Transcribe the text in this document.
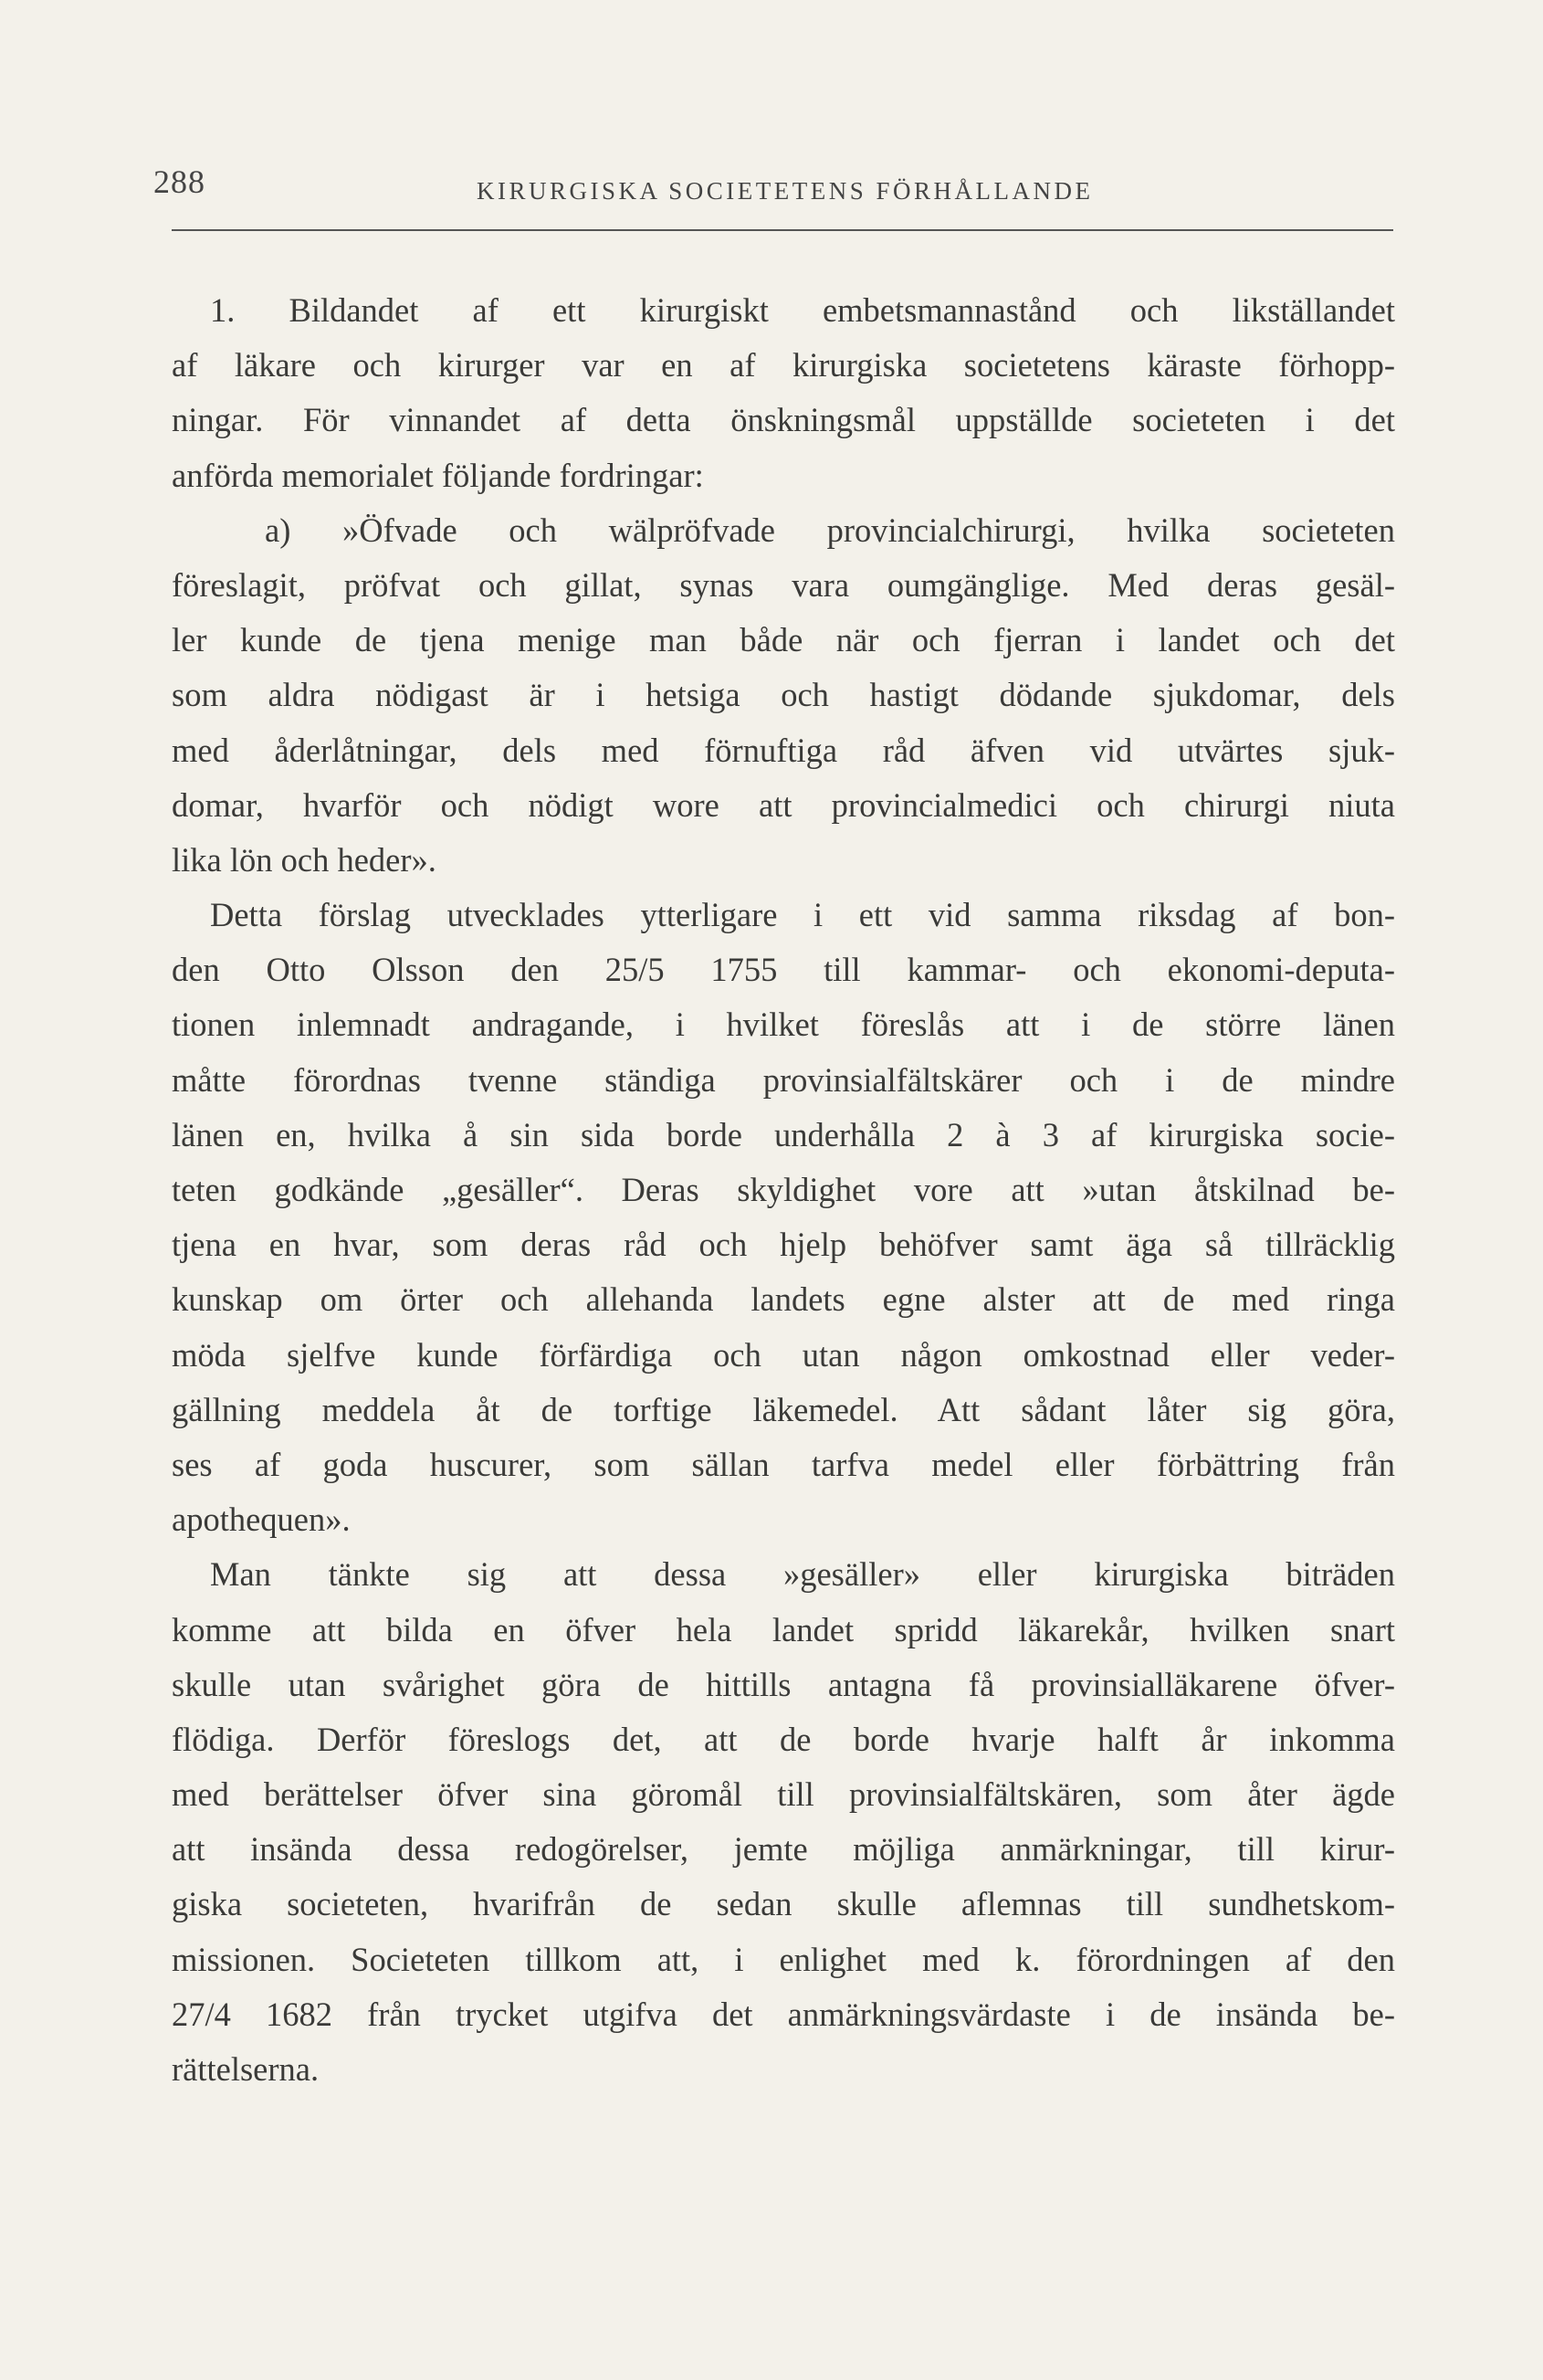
288	KIRURGISKA SOCIETETENS FÖRHÅLLANDE
1. Bildandet af ett kirurgiskt embetsmannastånd och likställandet
af läkare och kirurger var en af kirurgiska societetens käraste förhopp-
ningar. För vinnandet af detta önskningsmål uppställde societeten i det
anförda memorialet följande fordringar:
a) »Öfvade och wälpröfvade provincialchirurgi, hvilka societeten
föreslagit, pröfvat och gillat, synas vara oumgänglige. Med deras gesäl-
ler kunde de tjena menige man både när och fjerran i landet och det
som aldra nödigast är i hetsiga och hastigt dödande sjukdomar, dels
med åderlåtningar, dels med förnuftiga råd äfven vid utvärtes sjuk-
domar, hvarför och nödigt wore att provincialmedici och chirurgi niuta
lika lön och heder».
Detta förslag utvecklades ytterligare i ett vid samma riksdag af bon-
den Otto Olsson den 25/5 1755 till kammar- och ekonomi-deputa-
tionen inlemnadt andragande, i hvilket föreslås att i de större länen
måtte förordnas tvenne ständiga provinsialfältskärer och i de mindre
länen en, hvilka å sin sida borde underhålla 2 à 3 af kirurgiska socie-
teten godkände „gesäller“. Deras skyldighet vore att »utan åtskilnad be-
tjena en hvar, som deras råd och hjelp behöfver samt äga så tillräcklig
kunskap om örter och allehanda landets egne alster att de med ringa
möda sjelfve kunde förfärdiga och utan någon omkostnad eller veder-
gällning meddela åt de torftige läkemedel. Att sådant låter sig göra,
ses af goda huscurer, som sällan tarfva medel eller förbättring från
apothequen».
Man tänkte sig att dessa »gesäller» eller kirurgiska biträden
komme att bilda en öfver hela landet spridd läkarekår, hvilken snart
skulle utan svårighet göra de hittills antagna få provinsialläkarene öfver-
flödiga. Derför föreslogs det, att de borde hvarje halft år inkomma
med berättelser öfver sina göromål till provinsialfältskären, som åter ägde
att insända dessa redogörelser, jemte möjliga anmärkningar, till kirur-
giska societeten, hvarifrån de sedan skulle aflemnas till sundhetskom-
missionen. Societeten tillkom att, i enlighet med k. förordningen af den
27/4 1682 från trycket utgifva det anmärkningsvärdaste i de insända be-
rättelserna.
